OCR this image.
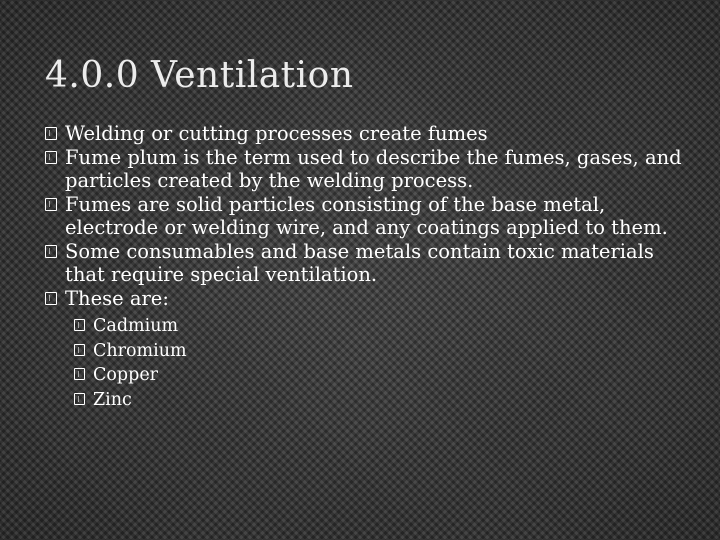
4.0.0 Ventilation
Welding or cutting processes create fumes
Fume plum is the term used to describe the fumes, gases, and particles created by the welding process.
Fumes are solid particles consisting of the base metal, electrode or welding wire, and any coatings applied to them.
Some consumables and base metals contain toxic materials that require special ventilation.
These are:
Cadmium
Chromium
Copper
Zinc
